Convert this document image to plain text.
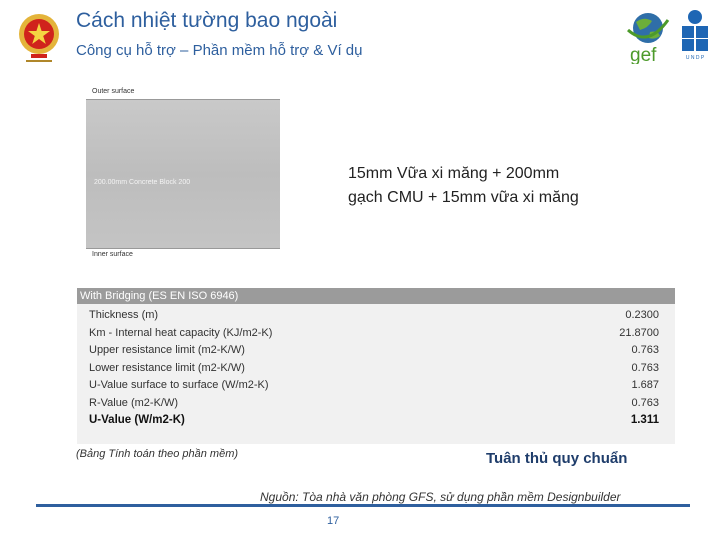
Cách nhiệt tường bao ngoài
Công cụ hỗ trợ – Phần mềm hỗ trợ & Ví dụ	gef	U N D P
Outer surface
200.00mm Concrete Block 200
Inner surface
15mm Vữa xi măng + 200mm
gạch CMU + 15mm vữa xi măng
With Bridging (ES EN ISO 6946)
Thickness (m)	0.2300
Km - Internal heat capacity (KJ/m2-K)	21.8700
Upper resistance limit (m2-K/W)	0.763
Lower resistance limit (m2-K/W)	0.763
U-Value surface to surface (W/m2-K)	1.687
R-Value (m2-K/W)	0.763
U-Value (W/m2-K)	1.311
(Bảng Tính toán theo phần mềm)	Tuân thủ quy chuẩn
Nguồn: Tòa nhà văn phòng GFS, sử dụng phần mềm Designbuilder
17
